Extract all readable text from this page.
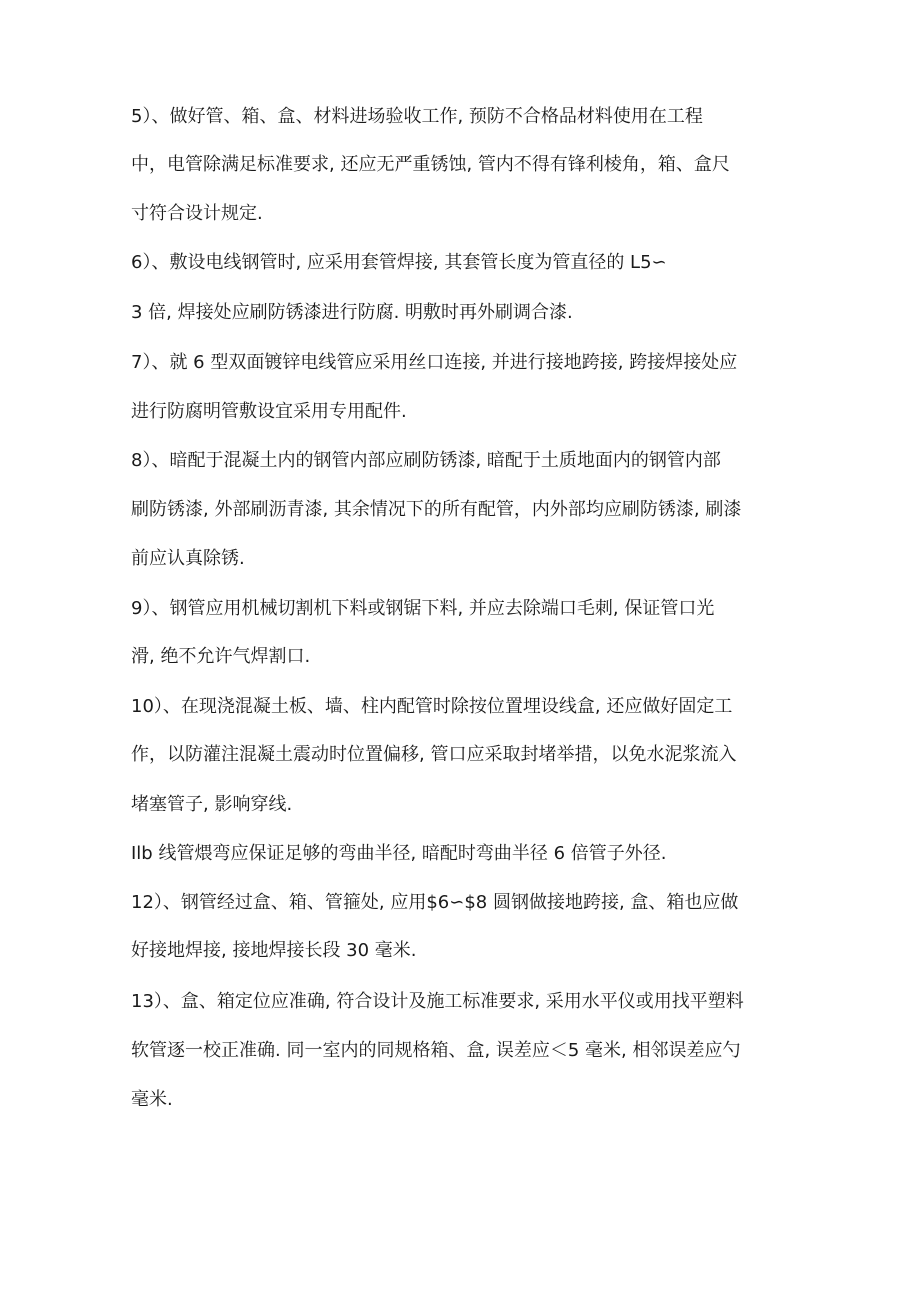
5）、做好管、箱、盒、材料进场验收工作, 预防不合格品材料使用在工程
中，电管除满足标准要求, 还应无严重锈蚀, 管内不得有锋利棱角，箱、盒尺
寸符合设计规定.
6）、敷设电线钢管时, 应采用套管焊接, 其套管长度为管直径的 L5∽
3 倍, 焊接处应刷防锈漆进行防腐. 明敷时再外刷调合漆.
7）、就 6 型双面镀锌电线管应采用丝口连接, 并进行接地跨接, 跨接焊接处应
进行防腐明管敷设宜采用专用配件.
8）、暗配于混凝土内的钢管内部应刷防锈漆, 暗配于土质地面内的钢管内部
刷防锈漆, 外部刷沥青漆, 其余情况下的所有配管，内外部均应刷防锈漆, 刷漆
前应认真除锈.
9）、钢管应用机械切割机下料或钢锯下料, 并应去除端口毛刺, 保证管口光
滑, 绝不允许气焊割口.
10）、在现浇混凝土板、墙、柱内配管时除按位置埋设线盒, 还应做好固定工
作，以防灌注混凝土震动时位置偏移, 管口应采取封堵举措，以免水泥浆流入
堵塞管子, 影响穿线.
Ilb 线管煨弯应保证足够的弯曲半径, 暗配时弯曲半径 6 倍管子外径.
12）、钢管经过盒、箱、管箍处, 应用$6∽$8 圆钢做接地跨接, 盒、箱也应做
好接地焊接, 接地焊接长段 30 毫米.
13）、盒、箱定位应准确, 符合设计及施工标准要求, 采用水平仪或用找平塑料
软管逐一校正准确. 同一室内的同规格箱、盒, 误差应＜5 毫米, 相邻误差应勺
毫米.
